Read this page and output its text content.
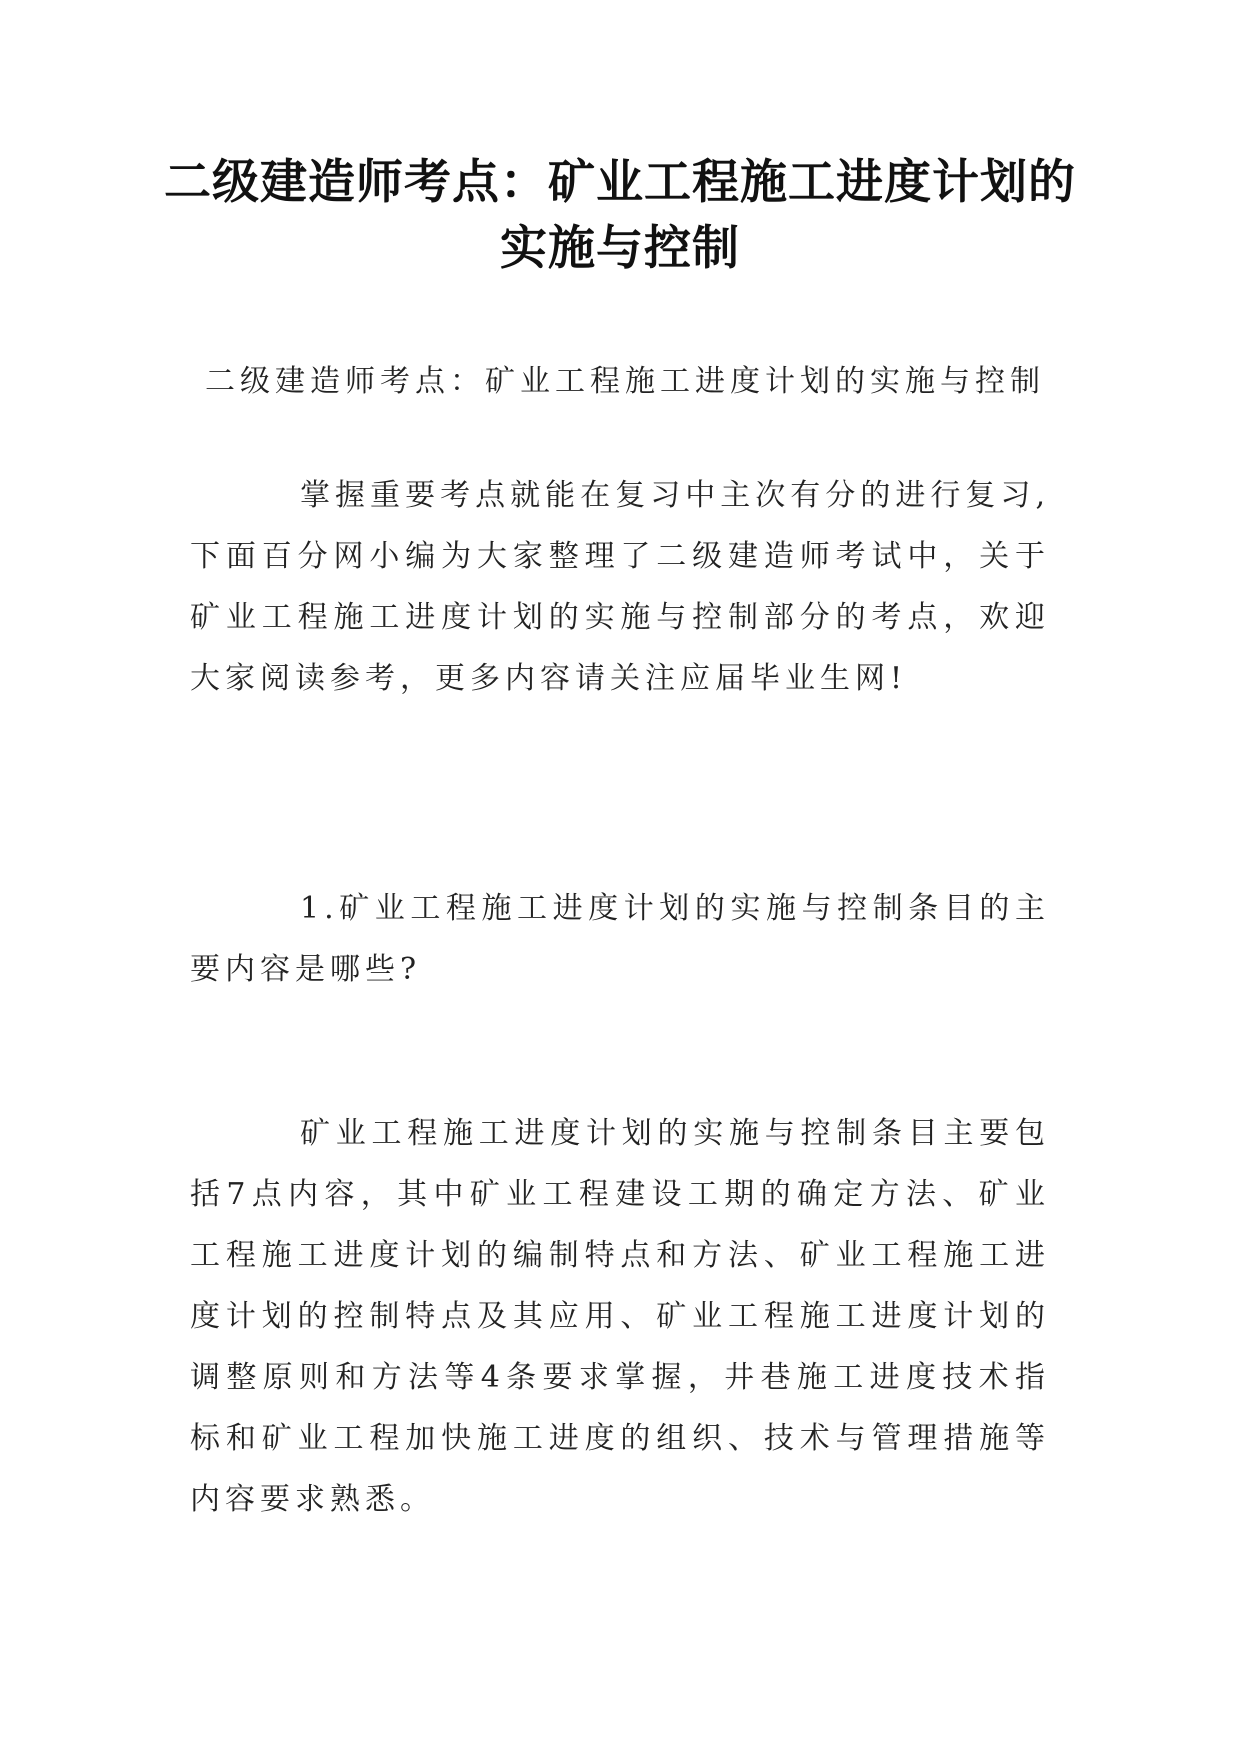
二级建造师考点：矿业工程施工进度计划的实施与控制

二级建造师考点：矿业工程施工进度计划的实施与控制

掌握重要考点就能在复习中主次有分的进行复习,下面百分网小编为大家整理了二级建造师考试中，关于矿业工程施工进度计划的实施与控制部分的考点，欢迎大家阅读参考，更多内容请关注应届毕业生网!

1.矿业工程施工进度计划的实施与控制条目的主要内容是哪些?

矿业工程施工进度计划的实施与控制条目主要包括7点内容，其中矿业工程建设工期的确定方法、矿业工程施工进度计划的编制特点和方法、矿业工程施工进度计划的控制特点及其应用、矿业工程施工进度计划的调整原则和方法等4条要求掌握，井巷施工进度技术指标和矿业工程加快施工进度的组织、技术与管理措施等内容要求熟悉。
